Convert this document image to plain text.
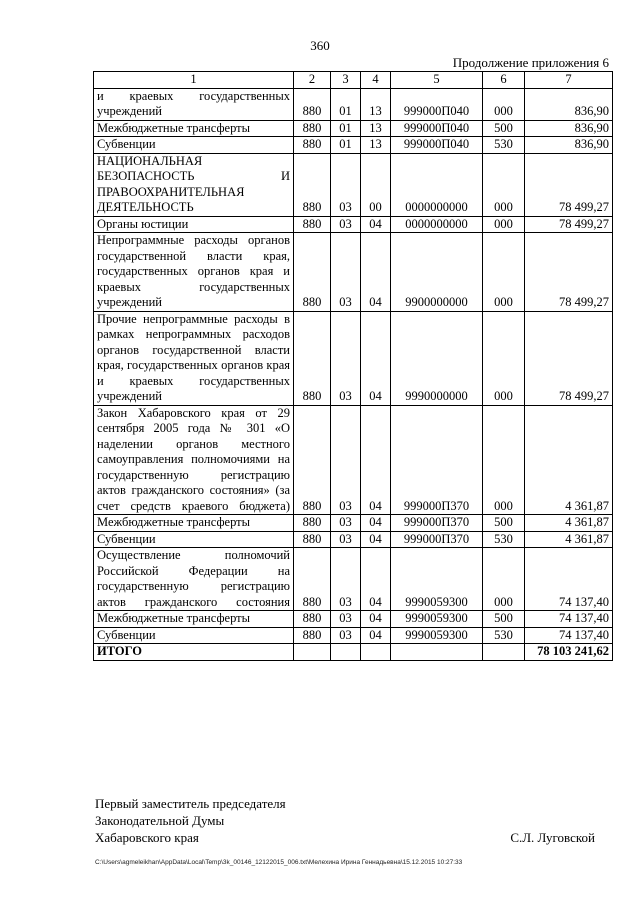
360
Продолжение приложения 6
1	2	3	4	5	6	7
и краевых государственных учреждений	880	01	13	999000П040	000	836,90
Межбюджетные трансферты	880	01	13	999000П040	500	836,90
Субвенции	880	01	13	999000П040	530	836,90
НАЦИОНАЛЬНАЯ БЕЗОПАСНОСТЬ И ПРАВООХРАНИТЕЛЬНАЯ ДЕЯТЕЛЬНОСТЬ	880	03	00	0000000000	000	78 499,27
Органы юстиции	880	03	04	0000000000	000	78 499,27
Непрограммные расходы органов государственной власти края, государственных органов края и краевых государственных учреждений	880	03	04	9900000000	000	78 499,27
Прочие непрограммные расходы в рамках непрограммных расходов органов государственной власти края, государственных органов края и краевых государственных учреждений	880	03	04	9990000000	000	78 499,27
Закон Хабаровского края от 29 сентября 2005 года № 301 «О наделении органов местного самоуправления полномочиями на государственную регистрацию актов гражданского состояния» (за счет средств краевого бюджета)	880	03	04	999000П370	000	4 361,87
Межбюджетные трансферты	880	03	04	999000П370	500	4 361,87
Субвенции	880	03	04	999000П370	530	4 361,87
Осуществление полномочий Российской Федерации на государственную регистрацию актов гражданского состояния	880	03	04	9990059300	000	74 137,40
Межбюджетные трансферты	880	03	04	9990059300	500	74 137,40
Субвенции	880	03	04	9990059300	530	74 137,40
ИТОГО						78 103 241,62
Первый заместитель председателя
Законодательной Думы
Хабаровского края	С.Л. Луговской
C:\Users\agmeleikhan\AppData\Local\Temp\3k_00146_12122015_006.txt\Мелехина Ирина Геннадьевна\15.12.2015 10:27:33
